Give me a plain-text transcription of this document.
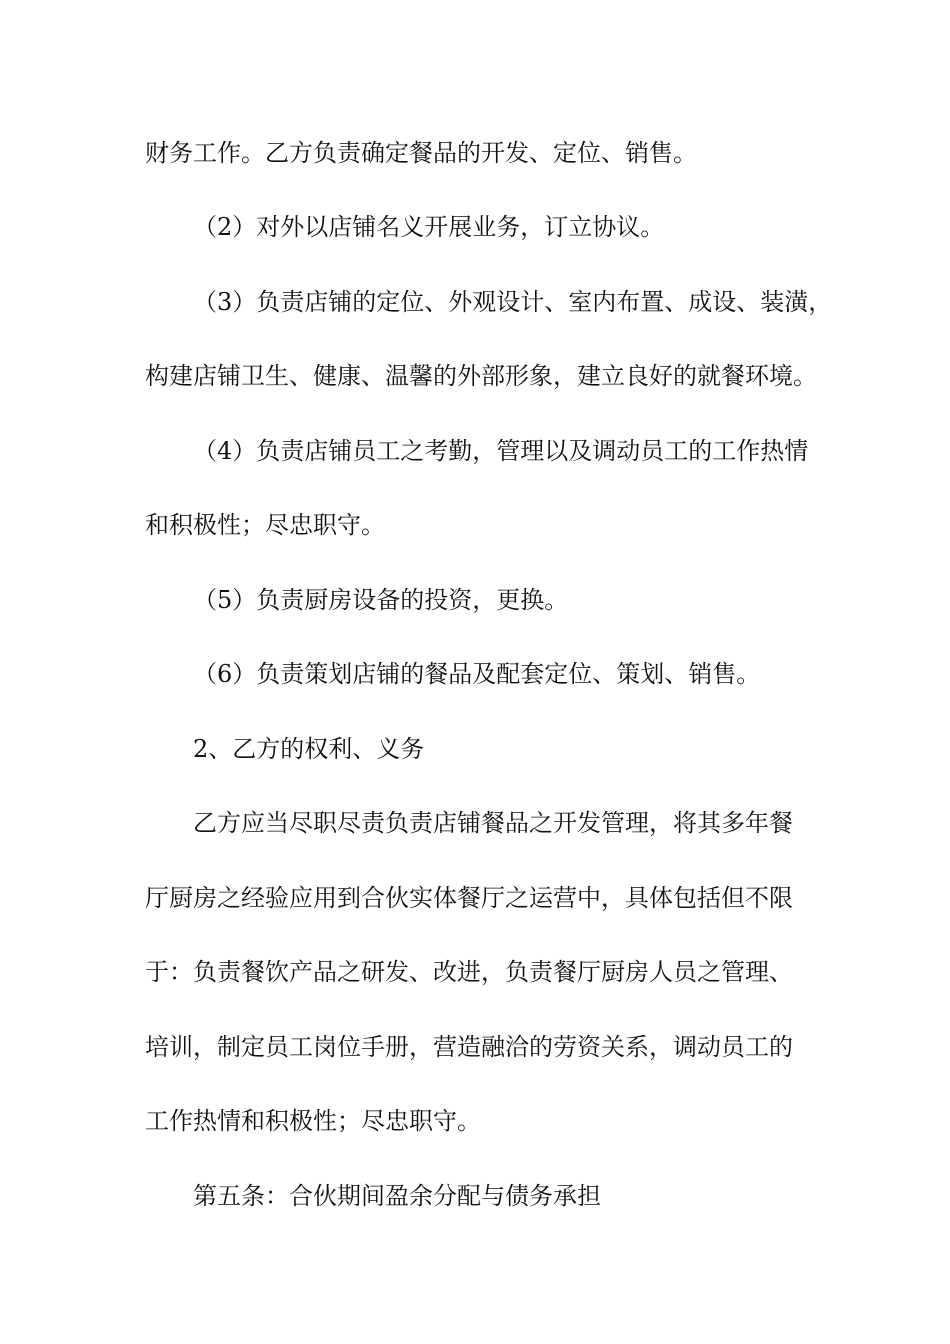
财务工作。乙方负责确定餐品的开发、定位、销售。
（2）对外以店铺名义开展业务，订立协议。
（3）负责店铺的定位、外观设计、室内布置、成设、装潢，
构建店铺卫生、健康、温馨的外部形象，建立良好的就餐环境。
（4）负责店铺员工之考勤，管理以及调动员工的工作热情
和积极性；尽忠职守。
（5）负责厨房设备的投资，更换。
（6）负责策划店铺的餐品及配套定位、策划、销售。
2、乙方的权利、义务
乙方应当尽职尽责负责店铺餐品之开发管理，将其多年餐
厅厨房之经验应用到合伙实体餐厅之运营中，具体包括但不限
于：负责餐饮产品之研发、改进，负责餐厅厨房人员之管理、
培训，制定员工岗位手册，营造融洽的劳资关系，调动员工的
工作热情和积极性；尽忠职守。
第五条：合伙期间盈余分配与债务承担
